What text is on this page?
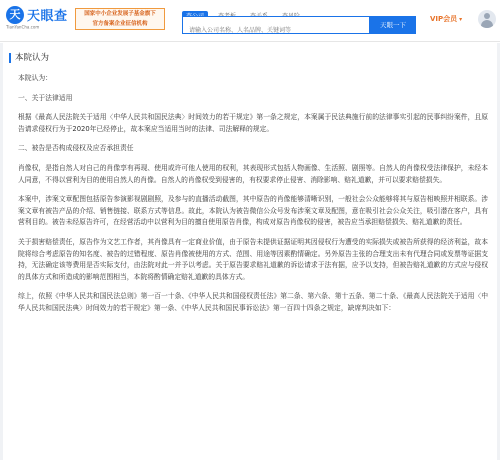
天 天眼查
TianYanCha.com
国家中小企业发展子基金旗下
官方备案企业征信机构
请输入公司名称、人名品牌、关键词等	天眼一下
VIP会员 ▾
本院认为

本院认为：

一、关于法律适用

根据《最高人民法院关于适用〈中华人民共和国民法典〉时间效力的若干规定》第一条之规定，本案属于民法典施行前的法律事实引起的民事纠纷案件，且原告请求侵权行为于2020年已经停止，故本案应当适用当时的法律、司法解释的规定。

二、被告是否构成侵权及应否承担责任

肖像权，是指自然人对自己的肖像享有再现、使用或许可他人使用的权利，其表现形式包括人物画像、生活照、剧照等。自然人的肖像权受法律保护，未经本人同意，不得以营利为目的使用自然人的肖像。自然人的肖像权受到侵害的，有权要求停止侵害、消除影响、赔礼道歉，并可以要求赔偿损失。

本案中，涉案文章配图包括原告参演影视剧剧照，及参与的直播活动截图，其中原告的肖像能够清晰识别，一般社会公众能够将其与原告相映照并相联系。涉案文章有被告产品的介绍、销售链接、联系方式等信息。故此，本院认为被告微信公众号发布涉案文章及配图，意在吸引社会公众关注，吸引潜在客户，具有营利目的。被告未经原告许可，在经营活动中以营利为目的擅自使用原告肖像，构成对原告肖像权的侵害，被告应当承担赔偿损失、赔礼道歉的责任。

关于损害赔偿责任，原告作为文艺工作者，其肖像具有一定商业价值，由于原告未提供证据证明其因侵权行为遭受的实际损失或被告所获得的经济利益，故本院将综合考虑原告的知名度、被告的过错程度、原告肖像被使用的方式、范围、用途等因素酌情确定。另外原告主张的合理支出未有代理合同或发票等证据支持，无法确定该等费用是否实际支付，由法院对此一并予以考虑。关于原告要求赔礼道歉的诉讼请求于法有据，应予以支持，但被告赔礼道歉的方式应与侵权的具体方式和所造成的影响范围相当，本院将酌情确定赔礼道歉的具体方式。

综上，依照《中华人民共和国民法总则》第一百一十条、《中华人民共和国侵权责任法》第二条、第六条、第十五条、第二十条、《最高人民法院关于适用〈中华人民共和国民法典〉时间效力的若干规定》第一条、《中华人民共和国民事诉讼法》第一百四十四条之规定，缺席判决如下：
